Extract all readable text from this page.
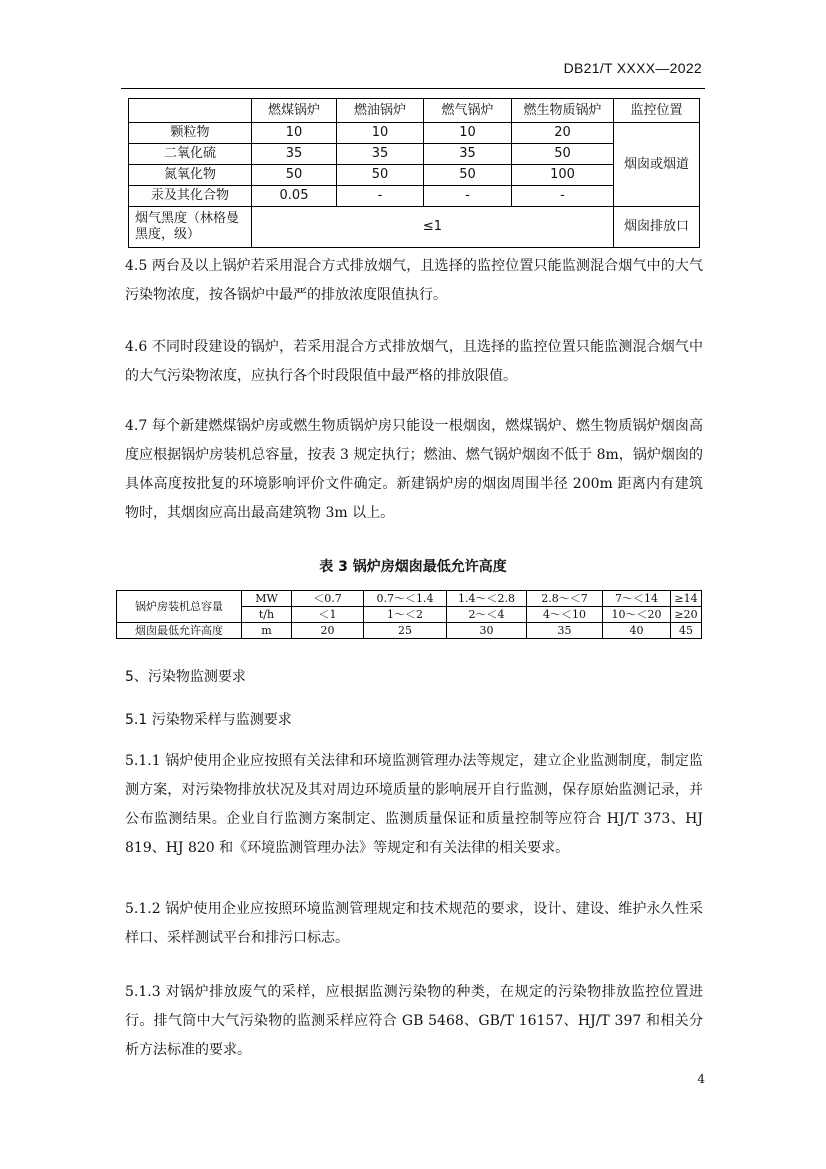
DB21/T XXXX—2022
	燃煤锅炉	燃油锅炉	燃气锅炉	燃生物质锅炉	监控位置
颗粒物	10	10	10	20	烟囱或烟道
二氧化硫	35	35	35	50	
氮氧化物	50	50	50	100	
汞及其化合物	0.05	-	-	-	
烟气黑度（林格曼黑度，级）	≤1				烟囱排放口

4.5 两台及以上锅炉若采用混合方式排放烟气，且选择的监控位置只能监测混合烟气中的大气污染物浓度，按各锅炉中最严的排放浓度限值执行。

4.6 不同时段建设的锅炉，若采用混合方式排放烟气，且选择的监控位置只能监测混合烟气中的大气污染物浓度，应执行各个时段限值中最严格的排放限值。

4.7 每个新建燃煤锅炉房或燃生物质锅炉房只能设一根烟囱，燃煤锅炉、燃生物质锅炉烟囱高度应根据锅炉房装机总容量，按表 3 规定执行；燃油、燃气锅炉烟囱不低于 8m，锅炉烟囱的具体高度按批复的环境影响评价文件确定。新建锅炉房的烟囱周围半径 200m 距离内有建筑物时，其烟囱应高出最高建筑物 3m 以上。

表 3 锅炉房烟囱最低允许高度
锅炉房装机总容量	MW	＜0.7	0.7～＜1.4	1.4～＜2.8	2.8～＜7	7～＜14	≥14
	t/h	＜1	1～＜2	2～＜4	4～＜10	10～＜20	≥20
烟囱最低允许高度	m	20	25	30	35	40	45
5、污染物监测要求
5.1 污染物采样与监测要求

5.1.1 锅炉使用企业应按照有关法律和环境监测管理办法等规定，建立企业监测制度，制定监测方案，对污染物排放状况及其对周边环境质量的影响展开自行监测，保存原始监测记录，并公布监测结果。企业自行监测方案制定、监测质量保证和质量控制等应符合 HJ/T 373、HJ 819、HJ 820 和《环境监测管理办法》等规定和有关法律的相关要求。

5.1.2 锅炉使用企业应按照环境监测管理规定和技术规范的要求，设计、建设、维护永久性采样口、采样测试平台和排污口标志。

5.1.3 对锅炉排放废气的采样，应根据监测污染物的种类，在规定的污染物排放监控位置进行。排气筒中大气污染物的监测采样应符合 GB 5468、GB/T 16157、HJ/T 397 和相关分析方法标准的要求。

4
